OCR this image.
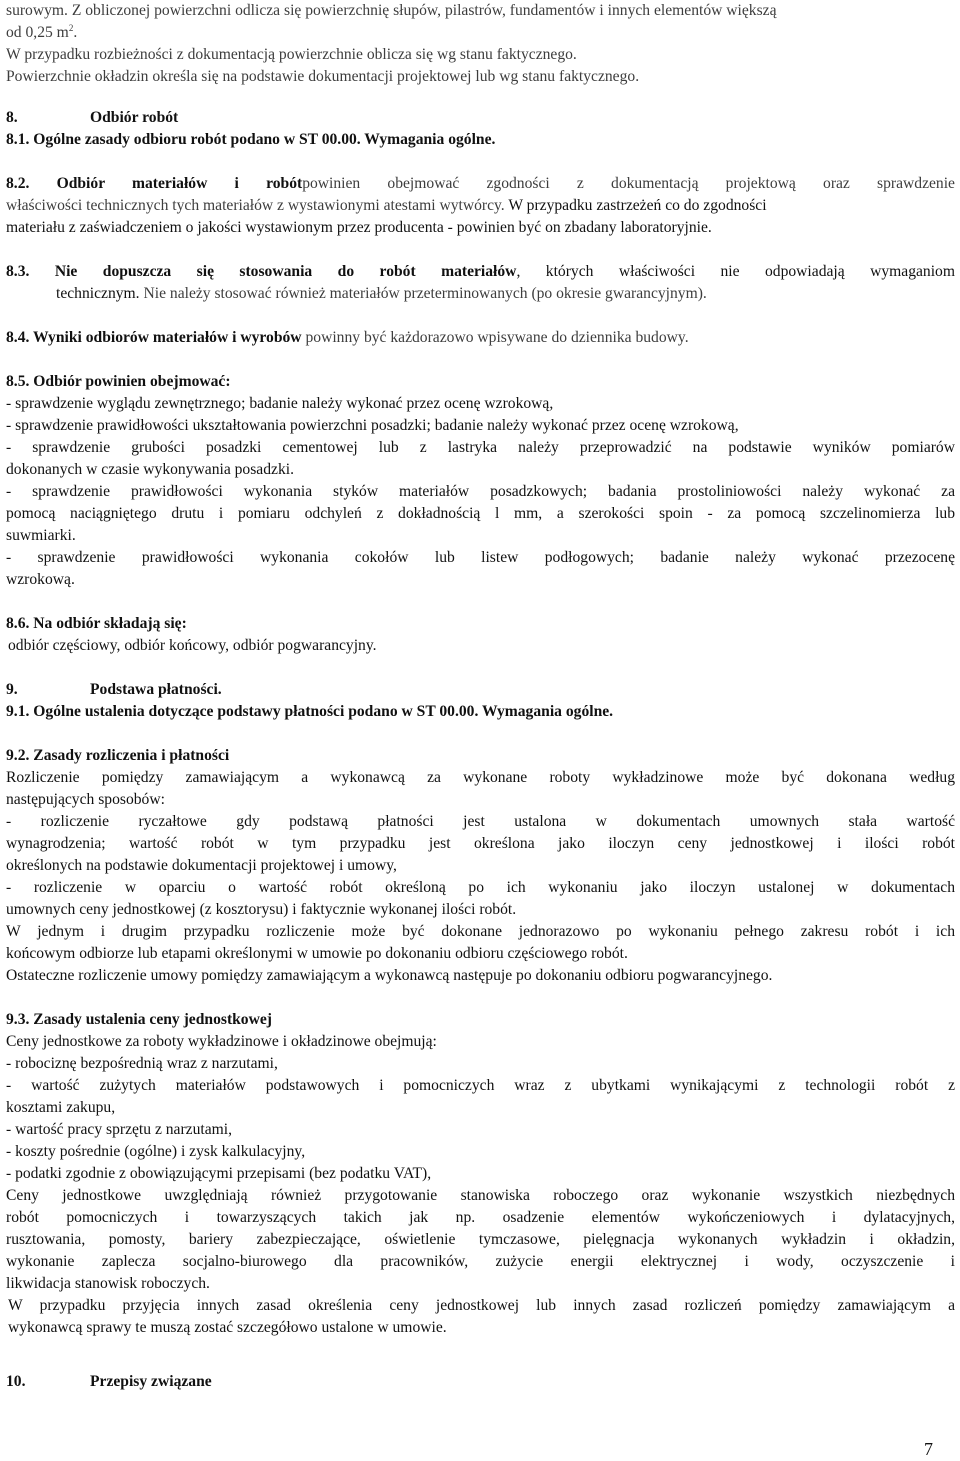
surowym. Z obliczonej powierzchni odlicza się powierzchnię słupów, pilastrów, fundamentów i innych elementów większą
od 0,25 $m^2$.
W przypadku rozbieżności z dokumentacją powierzchnie oblicza się wg stanu faktycznego.
Powierzchnie okładzin określa się na podstawie dokumentacji projektowej lub wg stanu faktycznego.
8.	Odbiór robót
8.1. Ogólne zasady odbioru robót podano w ST 00.00. Wymagania ogólne.
8.2. Odbiór materiałów i robótpowinien obejmować zgodności z dokumentacją projektową oraz sprawdzenie
właściwości technicznych tych materiałów z wystawionymi atestami wytwórcy. W przypadku zastrzeżeń co do zgodności
materiału z zaświadczeniem o jakości wystawionym przez producenta - powinien być on zbadany laboratoryjnie.
8.3. Nie dopuszcza się stosowania do robót materiałów, których właściwości nie odpowiadają wymaganiom
technicznym. Nie należy stosować również materiałów przeterminowanych (po okresie gwarancyjnym).
8.4. Wyniki odbiorów materiałów i wyrobów powinny być każdorazowo wpisywane do dziennika budowy.
8.5. Odbiór powinien obejmować:
- sprawdzenie wyglądu zewnętrznego; badanie należy wykonać przez ocenę wzrokową,
- sprawdzenie prawidłowości ukształtowania powierzchni posadzki; badanie należy wykonać przez ocenę wzrokową,
- sprawdzenie grubości posadzki cementowej lub z lastryka należy przeprowadzić na podstawie wyników pomiarów
dokonanych w czasie wykonywania posadzki.
- sprawdzenie prawidłowości wykonania styków materiałów posadzkowych; badania prostoliniowości należy wykonać za
pomocą naciągniętego drutu i pomiaru odchyleń z dokładnością l mm, a szerokości spoin - za pomocą szczelinomierza lub
suwmiarki.
- sprawdzenie prawidłowości wykonania cokołów lub listew podłogowych; badanie należy wykonać przezocenę
wzrokową.
8.6. Na odbiór składają się:
odbiór częściowy, odbiór końcowy, odbiór pogwarancyjny.
9.	Podstawa płatności.
9.1. Ogólne ustalenia dotyczące podstawy płatności podano w ST 00.00. Wymagania ogólne.
9.2. Zasady rozliczenia i płatności
Rozliczenie pomiędzy zamawiającym a wykonawcą za wykonane roboty wykładzinowe może być dokonana według
następujących sposobów:
- rozliczenie ryczałtowe gdy podstawą płatności jest ustalona w dokumentach umownych stała wartość
wynagrodzenia; wartość robót w tym przypadku jest określona jako iloczyn ceny jednostkowej i ilości robót
określonych na podstawie dokumentacji projektowej i umowy,
- rozliczenie w oparciu o wartość robót określoną po ich wykonaniu jako iloczyn ustalonej w dokumentach
umownych ceny jednostkowej (z kosztorysu) i faktycznie wykonanej ilości robót.
W jednym i drugim przypadku rozliczenie może być dokonane jednorazowo po wykonaniu pełnego zakresu robót i ich
końcowym odbiorze lub etapami określonymi w umowie po dokonaniu odbioru częściowego robót.
Ostateczne rozliczenie umowy pomiędzy zamawiającym a wykonawcą następuje po dokonaniu odbioru pogwarancyjnego.
9.3. Zasady ustalenia ceny jednostkowej
Ceny jednostkowe za roboty wykładzinowe i okładzinowe obejmują:
- robociznę bezpośrednią wraz z narzutami,
- wartość zużytych materiałów podstawowych i pomocniczych wraz z ubytkami wynikającymi z technologii robót z
kosztami zakupu,
- wartość pracy sprzętu z narzutami,
- koszty pośrednie (ogólne) i zysk kalkulacyjny,
- podatki zgodnie z obowiązującymi przepisami (bez podatku VAT),
Ceny jednostkowe uwzględniają również przygotowanie stanowiska roboczego oraz wykonanie wszystkich niezbędnych
robót pomocniczych i towarzyszących takich jak np. osadzenie elementów wykończeniowych i dylatacyjnych,
rusztowania, pomosty, bariery zabezpieczające, oświetlenie tymczasowe, pielęgnacja wykonanych wykładzin i okładzin,
wykonanie zaplecza socjalno-biurowego dla pracowników, zużycie energii elektrycznej i wody, oczyszczenie i
likwidacja stanowisk roboczych.
W przypadku przyjęcia innych zasad określenia ceny jednostkowej lub innych zasad rozliczeń pomiędzy zamawiającym a
wykonawcą sprawy te muszą zostać szczegółowo ustalone w umowie.
10.	Przepisy związane
7
